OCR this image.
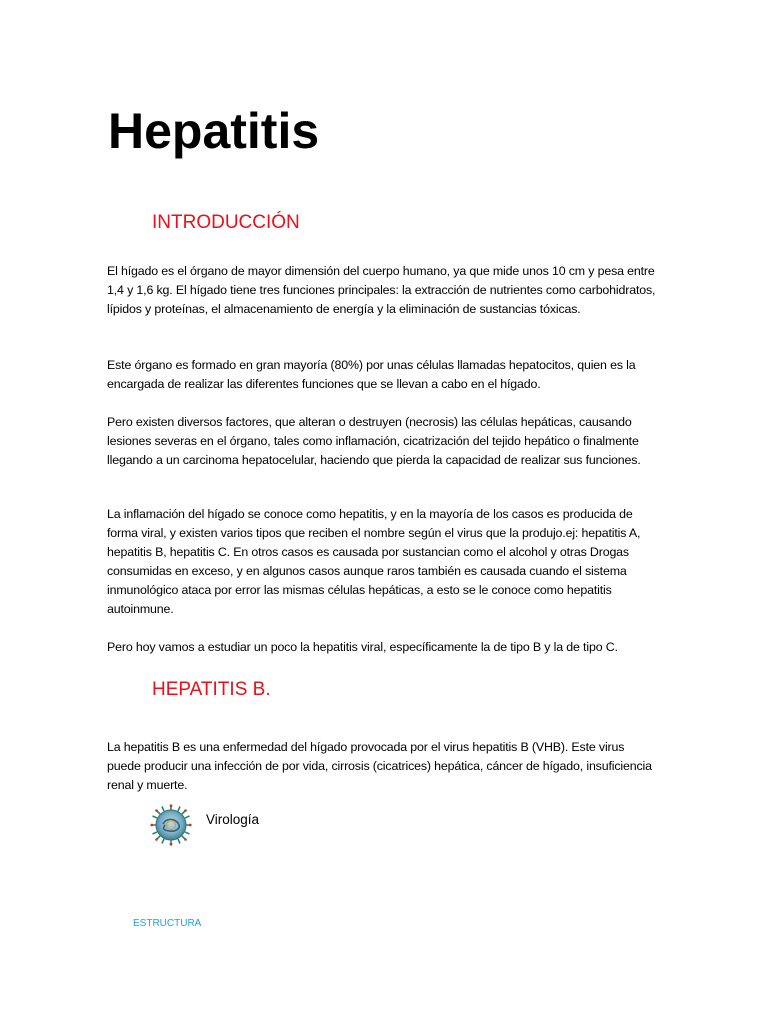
Hepatitis
INTRODUCCIÓN

El hígado es el órgano de mayor dimensión del cuerpo humano, ya que mide unos 10 cm y pesa entre 1,4 y 1,6 kg. El hígado tiene tres funciones principales: la extracción de nutrientes como carbohidratos, lípidos y proteínas, el almacenamiento de energía y la eliminación de sustancias tóxicas.

Este órgano es formado en gran mayoría (80%) por unas células llamadas hepatocitos, quien es la encargada de realizar las diferentes funciones que se llevan a cabo en el hígado.

Pero existen diversos factores, que alteran o destruyen (necrosis) las células hepáticas, causando lesiones severas en el órgano, tales como inflamación, cicatrización del tejido hepático o finalmente llegando a un carcinoma hepatocelular, haciendo que pierda la capacidad de realizar sus funciones.

La inflamación del hígado se conoce como hepatitis, y en la mayoría de los casos es producida de forma viral, y existen varios tipos que reciben el nombre según el virus que la produjo.ej: hepatitis A, hepatitis B, hepatitis C. En otros casos es causada por sustancian como el alcohol y otras Drogas consumidas en exceso, y en algunos casos aunque raros también es causada cuando el sistema inmunológico ataca por error las mismas células hepáticas, a esto se le conoce como hepatitis autoinmune.

Pero hoy vamos a estudiar un poco la hepatitis viral, específicamente la de tipo B y la de tipo C.

HEPATITIS B.

La hepatitis B es una enfermedad del hígado provocada por el virus hepatitis B (VHB). Este virus puede producir una infección de por vida, cirrosis (cicatrices) hepática, cáncer de hígado, insuficiencia renal y muerte.

Virología
ESTRUCTURA
